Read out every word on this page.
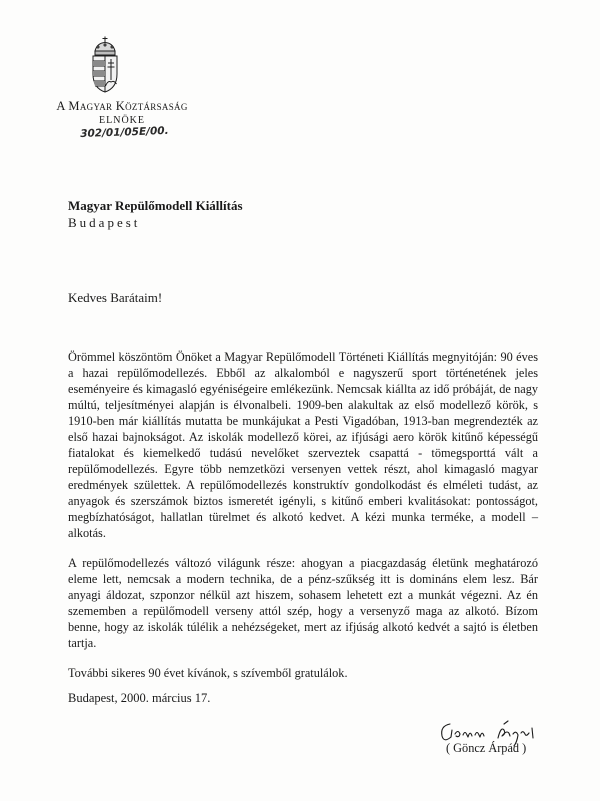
A Magyar Köztársaság
ELNÖKE
302/01/05E/00.
Magyar Repülőmodell Kiállítás
Budapest
Kedves Barátaim!

Örömmel köszöntöm Önöket a Magyar Repülőmodell Történeti Kiállítás megnyitóján: 90 éves a hazai repülőmodellezés. Ebből az alkalomból e nagyszerű sport történetének jeles eseményeire és kimagasló egyéniségeire emlékezünk. Nemcsak kiállta az idő próbáját, de nagy múltú, teljesítményei alapján is élvonalbeli. 1909-ben alakultak az első modellező körök, s 1910-ben már kiállítás mutatta be munkájukat a Pesti Vigadóban, 1913-ban megrendezték az első hazai bajnokságot. Az iskolák modellező körei, az ifjúsági aero körök kitűnő képességű fiatalokat és kiemelkedő tudású nevelőket szerveztek csapattá - tömegsporttá vált a repülőmodellezés. Egyre több nemzetközi versenyen vettek részt, ahol kimagasló magyar eredmények születtek. A repülőmodellezés konstruktív gondolkodást és elméleti tudást, az anyagok és szerszámok biztos ismeretét igényli, s kitűnő emberi kvalitásokat: pontosságot, megbízhatóságot, hallatlan türelmet és alkotó kedvet. A kézi munka terméke, a modell – alkotás.

A repülőmodellezés változó világunk része: ahogyan a piacgazdaság életünk meghatározó eleme lett, nemcsak a modern technika, de a pénz-szűkség itt is domináns elem lesz. Bár anyagi áldozat, szponzor nélkül azt hiszem, sohasem lehetett ezt a munkát végezni. Az én szememben a repülőmodell verseny attól szép, hogy a versenyző maga az alkotó. Bízom benne, hogy az iskolák túlélik a nehézségeket, mert az ifjúság alkotó kedvét a sajtó is életben tartja.

További sikeres 90 évet kívánok, s szívemből gratulálok.

Budapest, 2000. március 17.
( Göncz Árpád )
